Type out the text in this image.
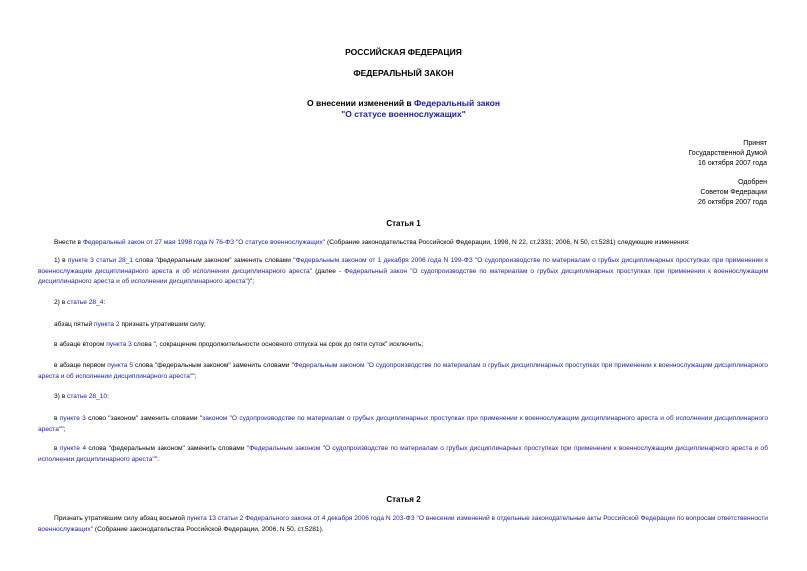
РОССИЙСКАЯ ФЕДЕРАЦИЯ
ФЕДЕРАЛЬНЫЙ ЗАКОН
О внесении изменений в Федеральный закон
"О статусе военнослужащих"
Принят
Государственной Думой
16 октября 2007 года
Одобрен
Советом Федерации
26 октября 2007 года
Статья 1
Внести в Федеральный закон от 27 мая 1998 года N 76-ФЗ "О статусе военнослужащих" (Собрание законодательства Российской Федерации, 1998, N 22, ст.2331; 2006, N 50, ст.5281) следующие изменения:
1) в пункте 3 статьи 28_1 слова "федеральным законом" заменить словами "Федеральным законом от 1 декабря 2006 года N 199-ФЗ "О судопроизводстве по материалам о грубых дисциплинарных проступках при применении к военнослужащим дисциплинарного ареста и об исполнении дисциплинарного ареста" (далее - Федеральный закон "О судопроизводстве по материалам о грубых дисциплинарных проступках при применении к военнослужащим дисциплинарного ареста и об исполнении дисциплинарного ареста")";
2) в статье 28_4:
абзац пятый пункта 2 признать утратившим силу;
в абзаце втором пункта 3 слова ", сокращение продолжительности основного отпуска на срок до пяти суток" исключить;
в абзаце первом пункта 5 слова "федеральным законом" заменить словами "Федеральным законом "О судопроизводстве по материалам о грубых дисциплинарных проступках при применении к военнослужащим дисциплинарного ареста и об исполнении дисциплинарного ареста"";
3) в статье 28_10:
в пункте 3 слово "законом" заменить словами "законом "О судопроизводстве по материалам о грубых дисциплинарных проступках при применении к военнослужащим дисциплинарного ареста и об исполнении дисциплинарного ареста"";
в пункте 4 слова "федеральным законом" заменить словами "Федеральным законом "О судопроизводстве по материалам о грубых дисциплинарных проступках при применении к военнослужащим дисциплинарного ареста и об исполнении дисциплинарного ареста"".
Статья 2
Признать утратившим силу абзац восьмой пункта 13 статьи 2 Федерального закона от 4 декабря 2006 года N 203-ФЗ "О внесении изменений в отдельные законодательные акты Российской Федерации по вопросам ответственности военнослужащих" (Собрание законодательства Российской Федерации, 2006, N 50, ст.5281).
